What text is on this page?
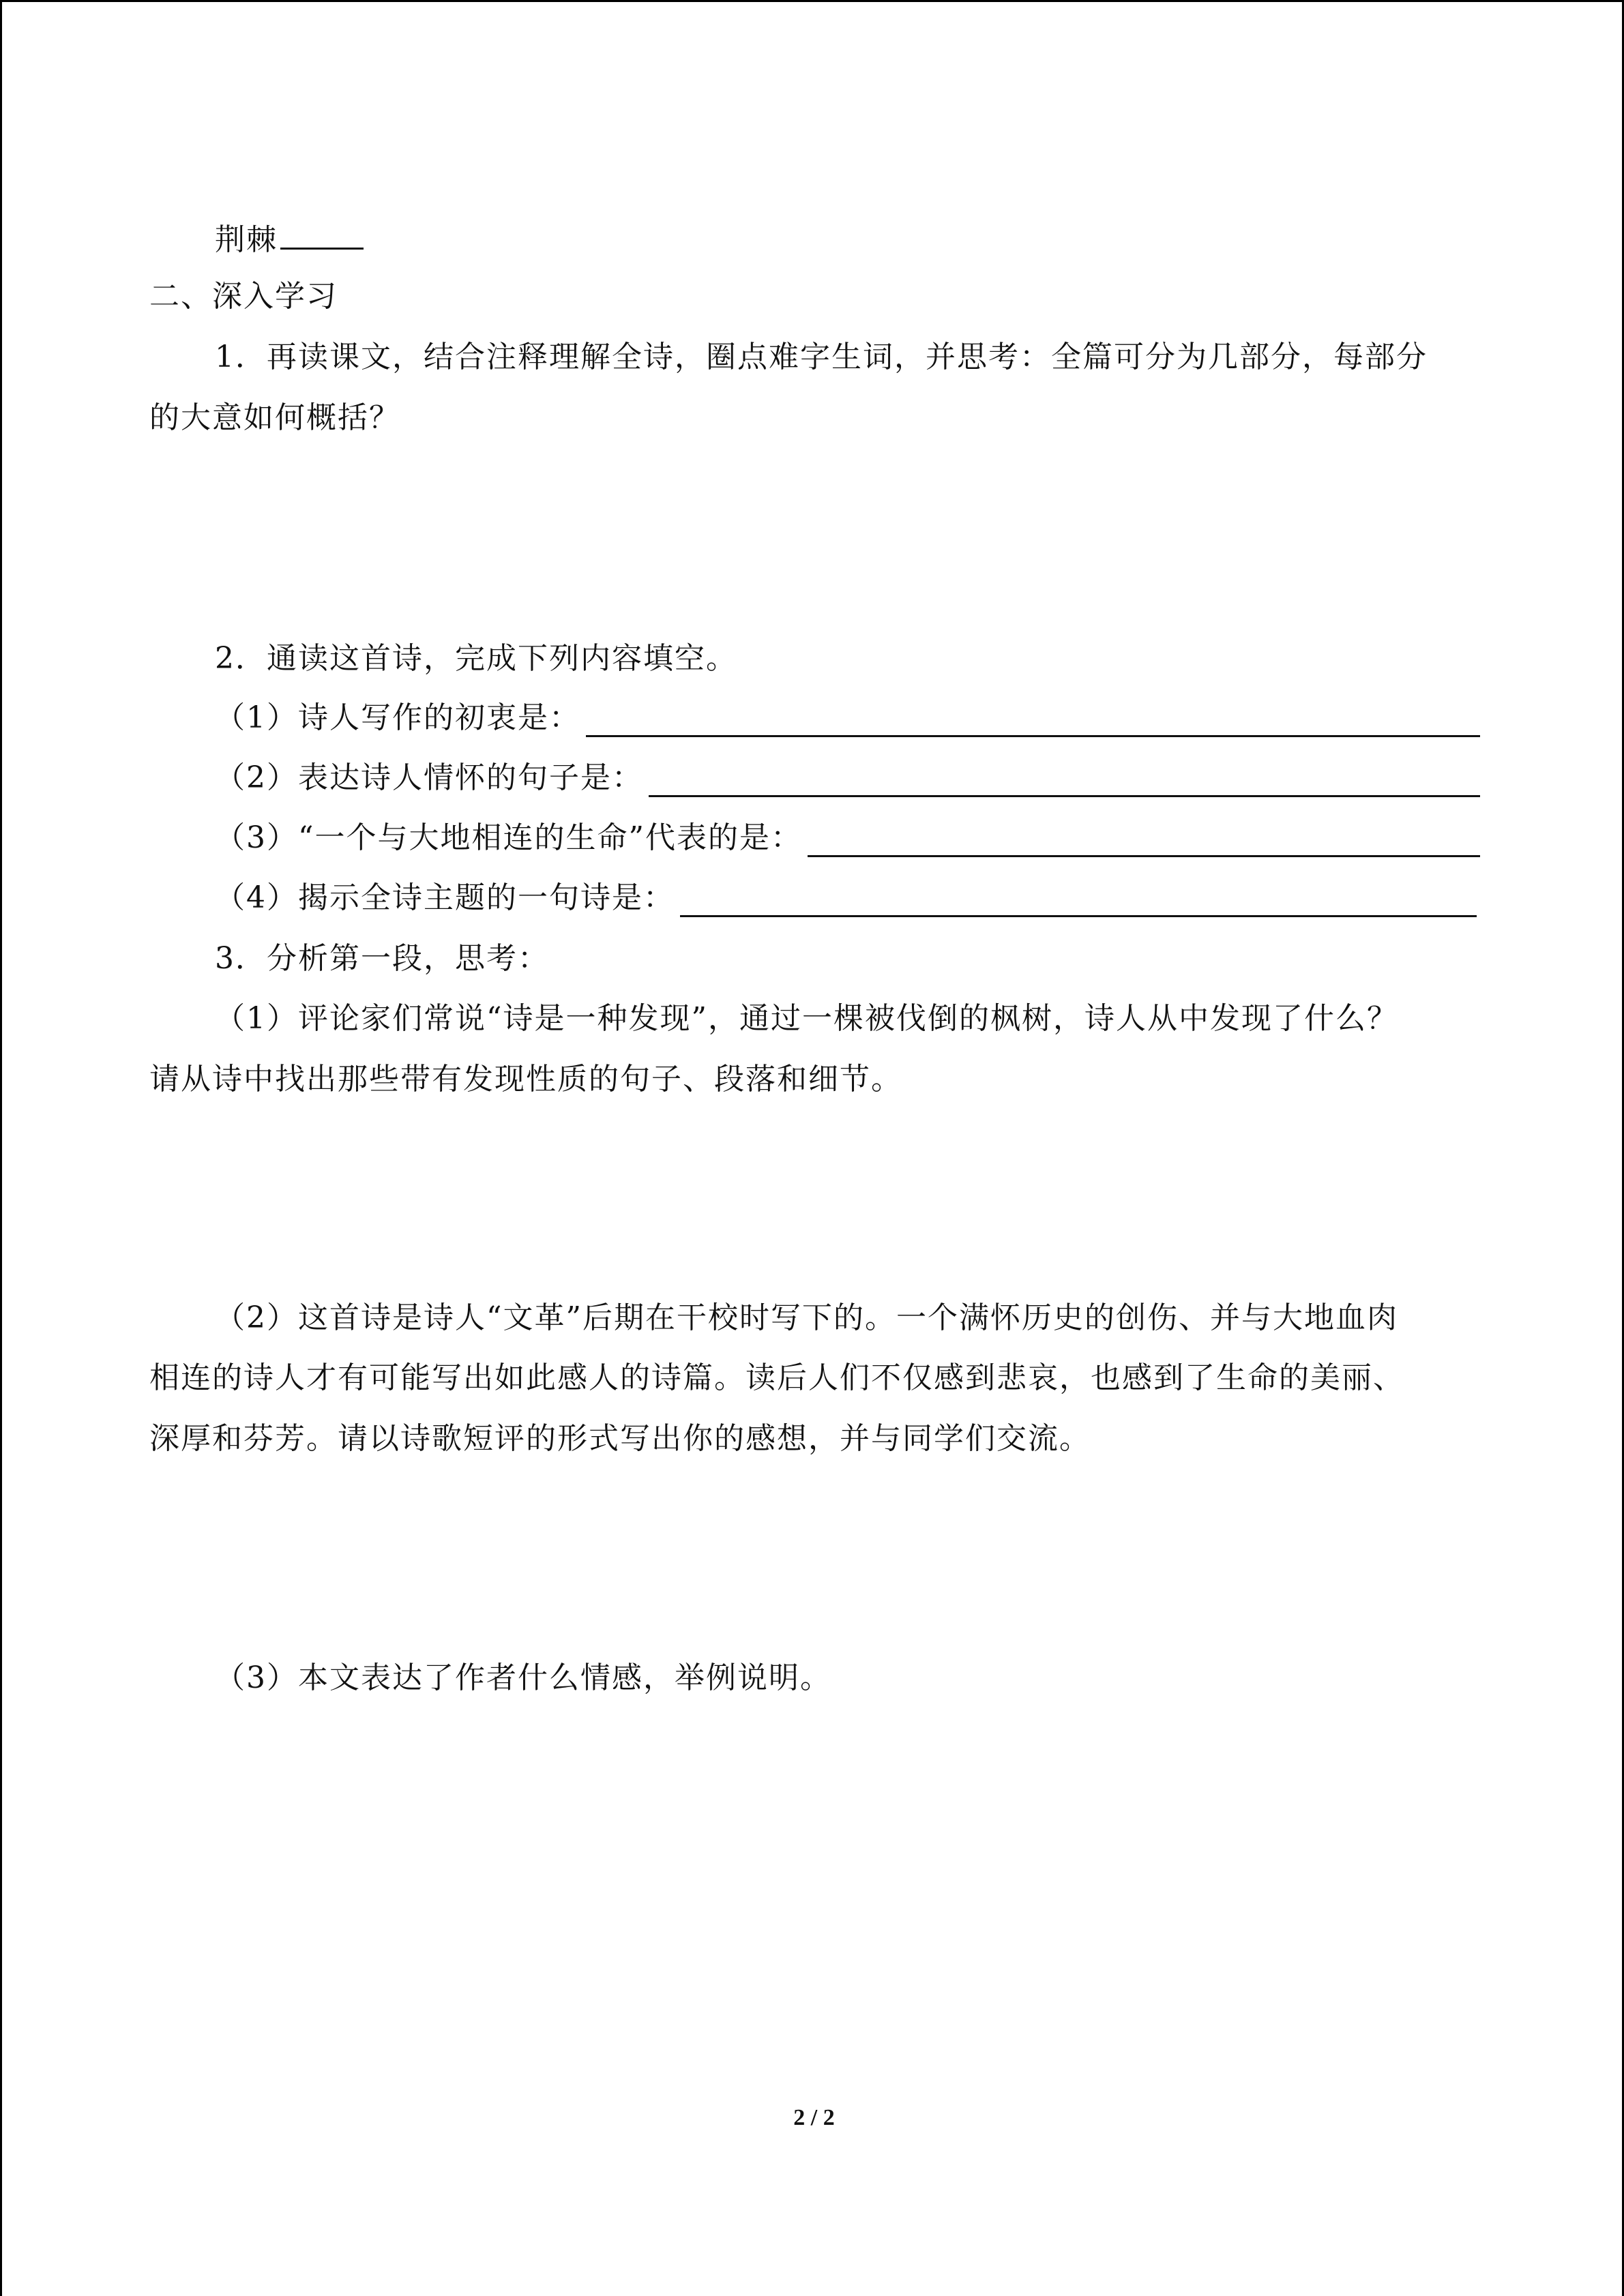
荆棘
二、深入学习
1．再读课文，结合注释理解全诗，圈点难字生词，并思考：全篇可分为几部分，每部分
的大意如何概括？
2．通读这首诗，完成下列内容填空。
（1）诗人写作的初衷是：
（2）表达诗人情怀的句子是：
（3）“一个与大地相连的生命”代表的是：
（4）揭示全诗主题的一句诗是：
3．分析第一段，思考：
（1）评论家们常说“诗是一种发现”，通过一棵被伐倒的枫树，诗人从中发现了什么？
请从诗中找出那些带有发现性质的句子、段落和细节。
（2）这首诗是诗人“文革”后期在干校时写下的。一个满怀历史的创伤、并与大地血肉
相连的诗人才有可能写出如此感人的诗篇。读后人们不仅感到悲哀，也感到了生命的美丽、
深厚和芬芳。请以诗歌短评的形式写出你的感想，并与同学们交流。
（3）本文表达了作者什么情感，举例说明。
2 / 2
